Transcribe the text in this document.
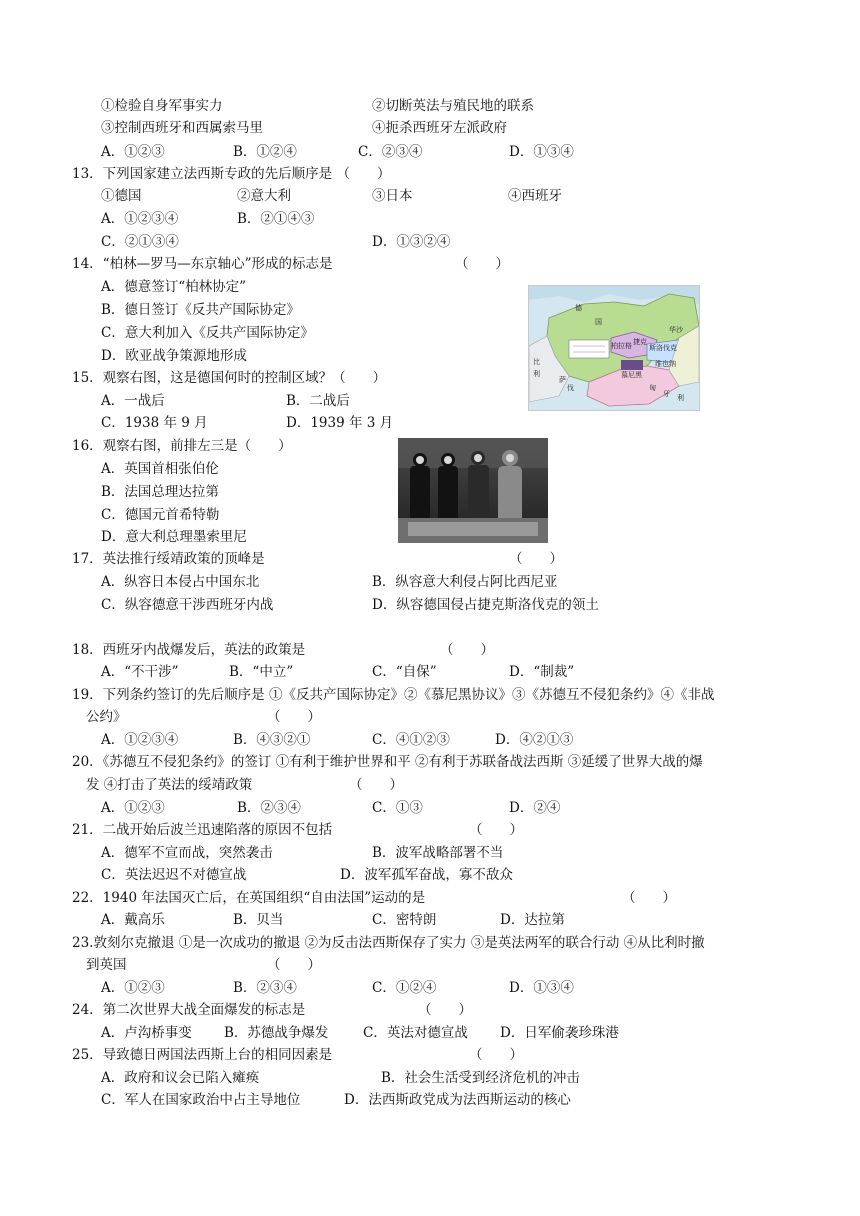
①检验自身军事实力	②切断英法与殖民地的联系
③控制西班牙和西属索马里	④扼杀西班牙左派政府
A．①②③	B．①②④	C．②③④	D．①③④
13．下列国家建立法西斯专政的先后顺序是 （　　）
①德国	②意大利	③日本	④西班牙
A．①②③④	B．②①④③
C．②①③④	D．①③②④
14．“柏林—罗马—东京轴心”形成的标志是	（　　）
A．德意签订“柏林协定”
B．德日签订《反共产国际协定》
C．意大利加入《反共产国际协定》
D．欧亚战争策源地形成
德
国
柏拉格
华沙
捷克
斯洛伐克
慕尼黑
维也纳
比
利
匈
牙 利
萨
伐
15．观察右图，这是德国何时的控制区域？（　　）
A．一战后	B．二战后
C．1938 年 9 月	D．1939 年 3 月
16．观察右图，前排左三是（　　）
A．英国首相张伯伦
B．法国总理达拉第
C．德国元首希特勒
D．意大利总理墨索里尼
17．英法推行绥靖政策的顶峰是	（　　）
A．纵容日本侵占中国东北	B．纵容意大利侵占阿比西尼亚
C．纵容德意干涉西班牙内战	D．纵容德国侵占捷克斯洛伐克的领土
18．西班牙内战爆发后，英法的政策是	（　　）
A．“不干涉”	B．“中立”	C．“自保”	D．“制裁”
19．下列条约签订的先后顺序是 ①《反共产国际协定》②《慕尼黑协议》③《苏德互不侵犯条约》④《非战
公约》	（　　）
A．①②③④	B．④③②①	C．④①②③	D．④②①③
20．《苏德互不侵犯条约》的签订 ①有利于维护世界和平 ②有利于苏联备战法西斯 ③延缓了世界大战的爆
发 ④打击了英法的绥靖政策	（　　）
A．①②③	B．②③④	C．①③	D．②④
21．二战开始后波兰迅速陷落的原因不包括	（　　）
A．德军不宣而战，突然袭击	B．波军战略部署不当
C．英法迟迟不对德宣战	D．波军孤军奋战，寡不敌众
22．1940 年法国灭亡后，在英国组织“自由法国”运动的是	（　　）
A．戴高乐	B．贝当	C．密特朗	D．达拉第
23.敦刻尔克撤退 ①是一次成功的撤退 ②为反击法西斯保存了实力 ③是英法两军的联合行动 ④从比利时撤
到英国	（　　）
A．①②③	B．②③④	C．①②④	D．①③④
24．第二次世界大战全面爆发的标志是	（　　）
A．卢沟桥事变 B．苏德战争爆发	C．英法对德宣战 D．日军偷袭珍珠港
25．导致德日两国法西斯上台的相同因素是	（　　）
A．政府和议会已陷入瘫痪	B．社会生活受到经济危机的冲击
C．军人在国家政治中占主导地位	D．法西斯政党成为法西斯运动的核心
